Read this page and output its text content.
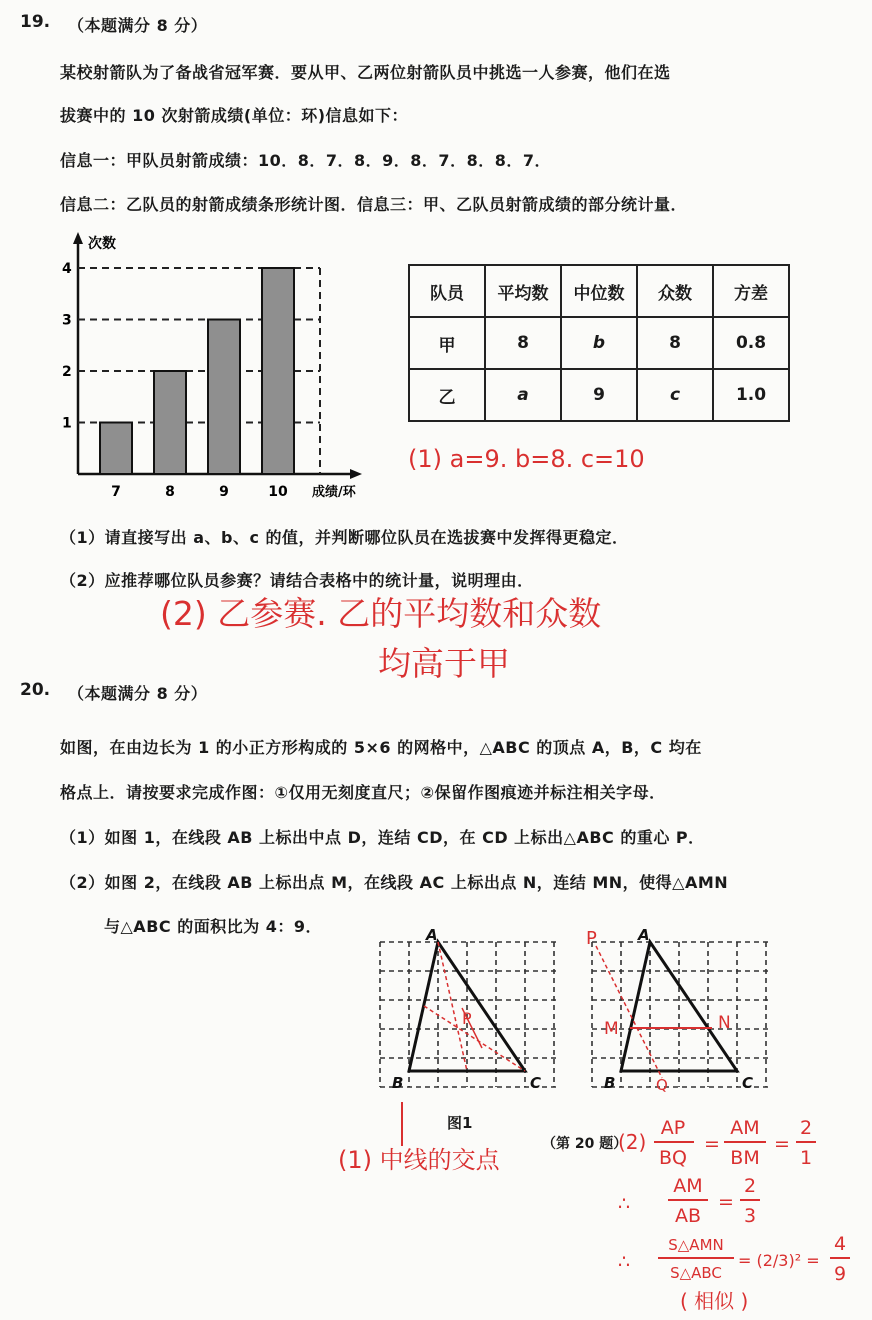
19. （本题满分 8 分）
某校射箭队为了备战省冠军赛．要从甲、乙两位射箭队员中挑选一人参赛，他们在选
拔赛中的 10 次射箭成绩(单位：环)信息如下：
信息一：甲队员射箭成绩：10．8．7．8．9．8．7．8．8．7．
信息二：乙队员的射箭成绩条形统计图．信息三：甲、乙队员射箭成绩的部分统计量．
次数
成绩/环
1
2
3
4
7	8	9	10
队员	平均数	中位数	众数	方差
甲	8	b	8	0.8
乙	a	9	c	1.0
(1) a=9. b=8. c=10
（1）请直接写出 a、b、c 的值，并判断哪位队员在选拔赛中发挥得更稳定．
（2）应推荐哪位队员参赛？请结合表格中的统计量，说明理由．
(2) 乙参赛. 乙的平均数和众数
均高于甲
20. （本题满分 8 分）
如图，在由边长为 1 的小正方形构成的 5×6 的网格中，△ABC 的顶点 A，B，C 均在
格点上．请按要求完成作图：①仅用无刻度直尺；②保留作图痕迹并标注相关字母．
（1）如图 1，在线段 AB 上标出中点 D，连结 CD，在 CD 上标出△ABC 的重心 P．
（2）如图 2，在线段 AB 上标出点 M，在线段 AC 上标出点 N，连结 MN，使得△AMN
与△ABC 的面积比为 4：9．
P
A
B	C
图1
P
M	N
Q
A
B	C
(1) 中线的交点
（第 20 题）
(2)
AP
BQ
=
AM
BM
=
2
1
∴
AM
AB
=
2
3
∴
S△AMN
S△ABC
= (2/3)² =
4
9
( 相似 )
